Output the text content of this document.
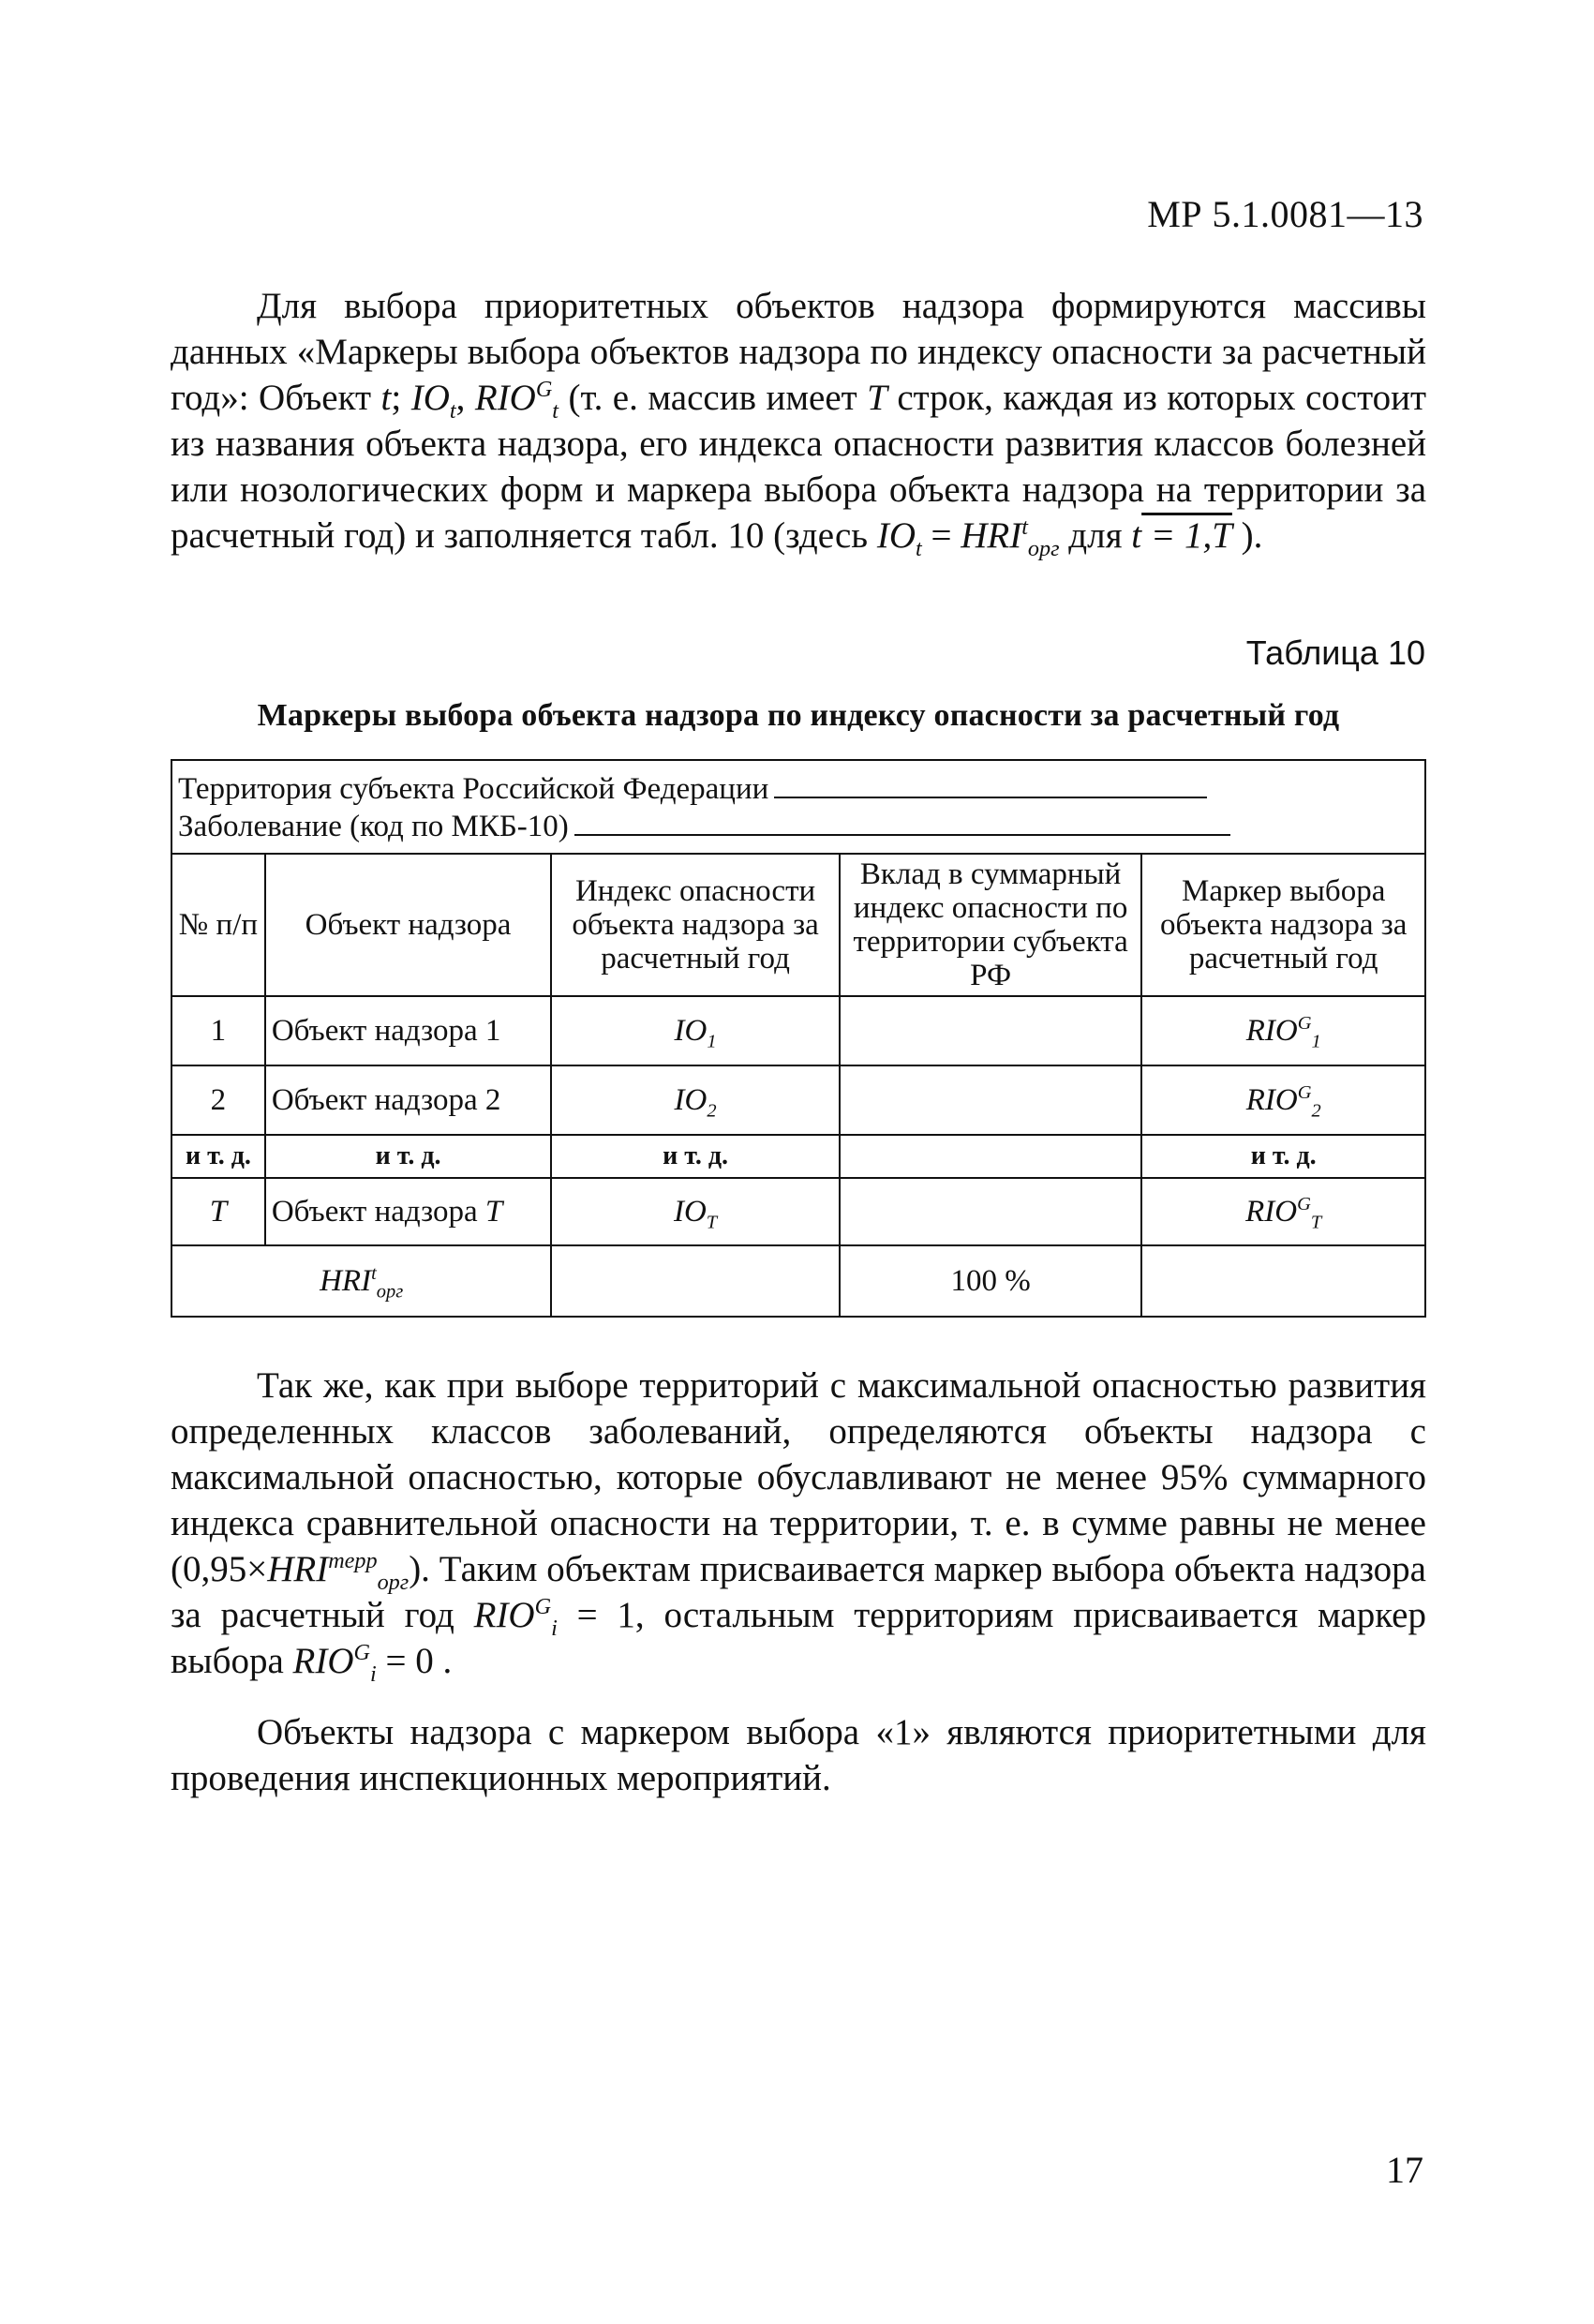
МР 5.1.0081—13
Для выбора приоритетных объектов надзора формируются массивы данных «Маркеры выбора объектов надзора по индексу опасности за расчетный год»: Объект t; $IO_t$, $RIO^G_t$ (т. е. массив имеет T строк, каждая из которых состоит из названия объекта надзора, его индекса опасности развития классов болезней или нозологических форм и маркера выбора объекта надзора на территории за расчетный год) и заполняется табл. 10 (здесь $IO_t = HRI^t_{орг}$ для t = 1,T ).
Таблица 10
Маркеры выбора объекта надзора по индексу опасности за расчетный год
Территория субъекта Российской Федерации
Заболевание (код по МКБ-10)				

№ п/п	Объект надзора	Индекс опасности объекта надзора за расчетный год	Вклад в суммарный индекс опасности по территории субъекта РФ	Маркер выбора объекта надзора за расчетный год
1	Объект надзора 1	$IO_1$		$RIO^G_1$
2	Объект надзора 2	$IO_2$		$RIO^G_2$
и т. д.	и т. д.	и т. д.		и т. д.
T	Объект надзора T	$IO_T$		$RIO^G_T$
$HRI^t_{орг}$			100 %	
Так же, как при выборе территорий с максимальной опасностью развития определенных классов заболеваний, определяются объекты надзора с максимальной опасностью, которые обуславливают не менее 95% суммарного индекса сравнительной опасности на территории, т. е. в сумме равны не менее $(0,95\times HRI^{терр}_{орг})$. Таким объектам присваивается маркер выбора объекта надзора за расчетный год $RIO^G_i = 1$, остальным территориям присваивается маркер выбора $RIO^G_i = 0$ .
Объекты надзора с маркером выбора «1» являются приоритетными для проведения инспекционных мероприятий.
17
